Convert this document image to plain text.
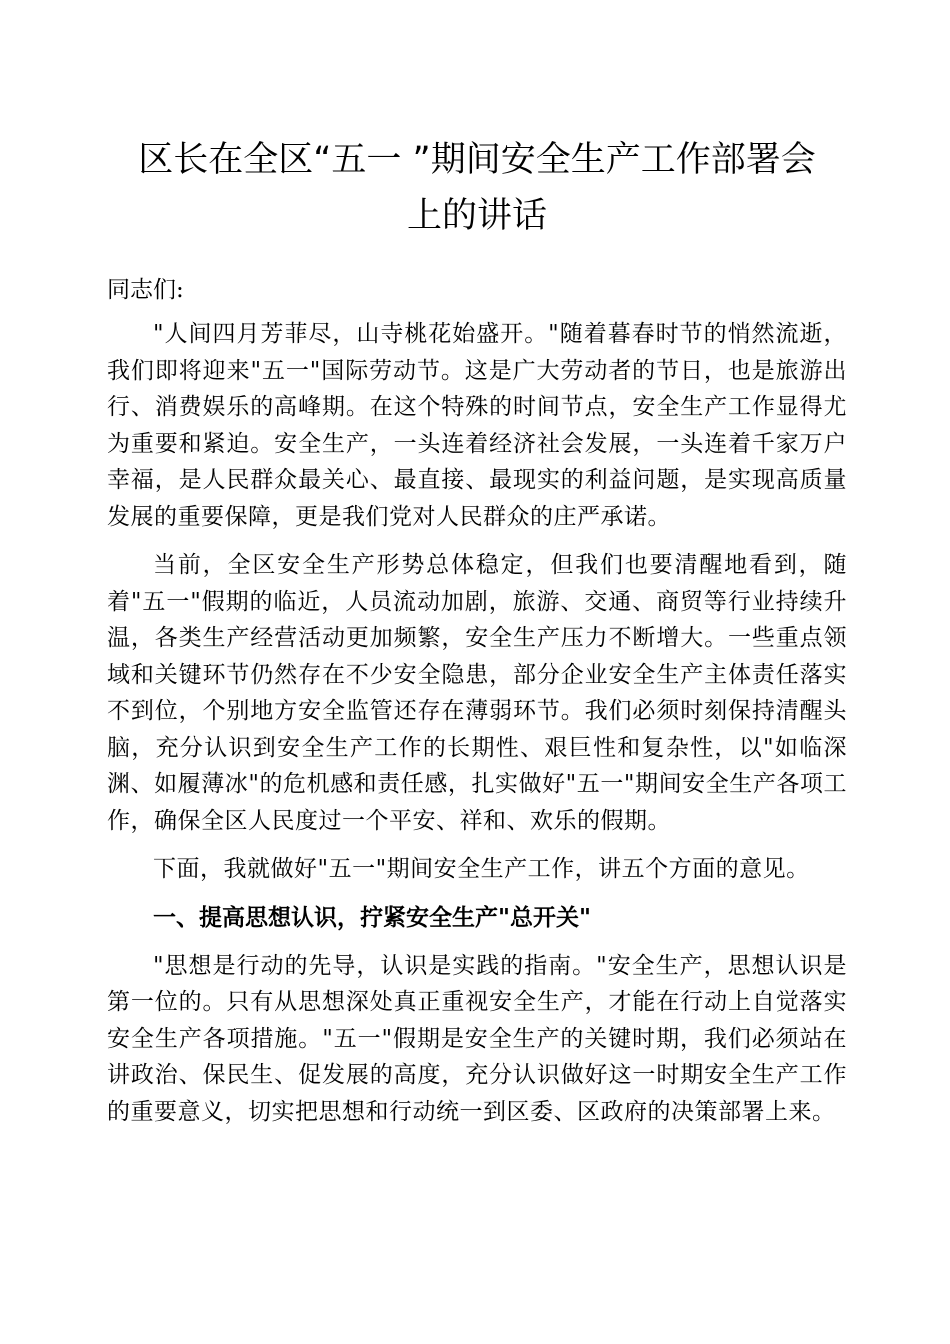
区长在全区“五一 ”期间安全生产工作部署会
上的讲话

同志们:

"人间四月芳菲尽，山寺桃花始盛开。"随着暮春时节的悄然流逝，我们即将迎来"五一"国际劳动节。这是广大劳动者的节日，也是旅游出行、消费娱乐的高峰期。在这个特殊的时间节点，安全生产工作显得尤为重要和紧迫。安全生产，一头连着经济社会发展，一头连着千家万户幸福，是人民群众最关心、最直接、最现实的利益问题，是实现高质量发展的重要保障，更是我们党对人民群众的庄严承诺。

当前，全区安全生产形势总体稳定，但我们也要清醒地看到，随着"五一"假期的临近，人员流动加剧，旅游、交通、商贸等行业持续升温，各类生产经营活动更加频繁，安全生产压力不断增大。一些重点领域和关键环节仍然存在不少安全隐患，部分企业安全生产主体责任落实不到位，个别地方安全监管还存在薄弱环节。我们必须时刻保持清醒头脑，充分认识到安全生产工作的长期性、艰巨性和复杂性，以"如临深渊、如履薄冰"的危机感和责任感，扎实做好"五一"期间安全生产各项工作，确保全区人民度过一个平安、祥和、欢乐的假期。

下面，我就做好"五一"期间安全生产工作，讲五个方面的意见。

一、提高思想认识，拧紧安全生产"总开关"

"思想是行动的先导，认识是实践的指南。"安全生产，思想认识是第一位的。只有从思想深处真正重视安全生产，才能在行动上自觉落实安全生产各项措施。"五一"假期是安全生产的关键时期，我们必须站在讲政治、保民生、促发展的高度，充分认识做好这一时期安全生产工作的重要意义，切实把思想和行动统一到区委、区政府的决策部署上来。
